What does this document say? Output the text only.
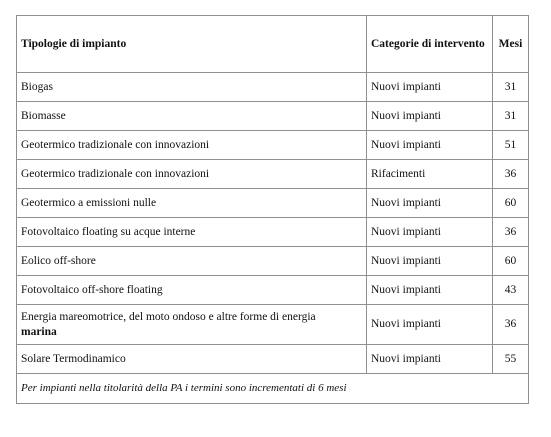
Tipologie di impianto	Categorie di intervento	Mesi
Biogas	Nuovi impianti	31
Biomasse	Nuovi impianti	31
Geotermico tradizionale con innovazioni	Nuovi impianti	51
Geotermico tradizionale con innovazioni	Rifacimenti	36
Geotermico a emissioni nulle	Nuovi impianti	60
Fotovoltaico floating su acque interne	Nuovi impianti	36
Eolico off-shore	Nuovi impianti	60
Fotovoltaico off-shore floating	Nuovi impianti	43
Energia mareomotrice, del moto ondoso e altre forme di energia
marina	Nuovi impianti	36
Solare Termodinamico	Nuovi impianti	55
Per impianti nella titolarità della PA i termini sono incrementati di 6 mesi		
